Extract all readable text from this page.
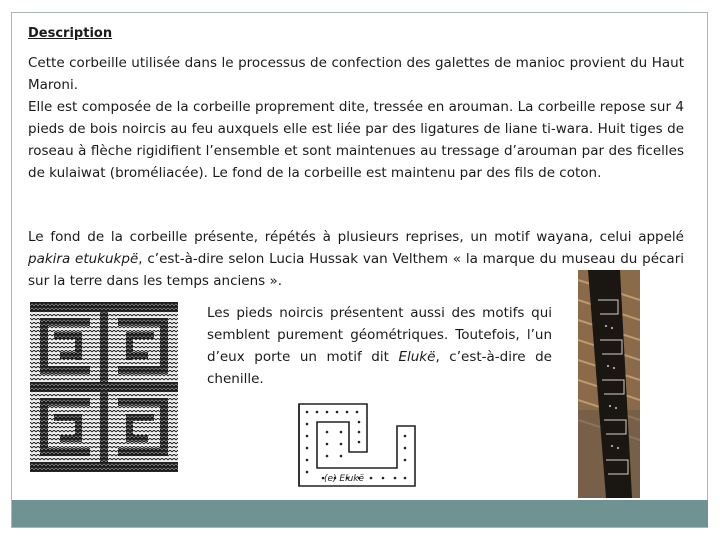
Description

Cette corbeille utilisée dans le processus de confection des galettes de manioc provient du Haut Maroni.

Elle est composée de la corbeille proprement dite, tressée en arouman. La corbeille repose sur 4 pieds de bois noircis au feu auxquels elle est liée par des ligatures de liane ti-wara. Huit tiges de roseau à flèche rigidifient l’ensemble et sont maintenues au tressage d’arouman par des ficelles de kulaiwat (broméliacée). Le fond de la corbeille est maintenu par des fils de coton.

Le fond de la corbeille présente, répétés à plusieurs reprises, un motif wayana, celui appelé pakira etukukpë, c’est-à-dire selon Lucia Hussak van Velthem « la marque du museau du pécari sur la terre dans les temps anciens ».

Les pieds noircis présentent aussi des motifs qui semblent purement géométriques. Toutefois, l’un d’eux porte un motif dit Elukë, c’est-à-dire de chenille.

(e) Elukë
